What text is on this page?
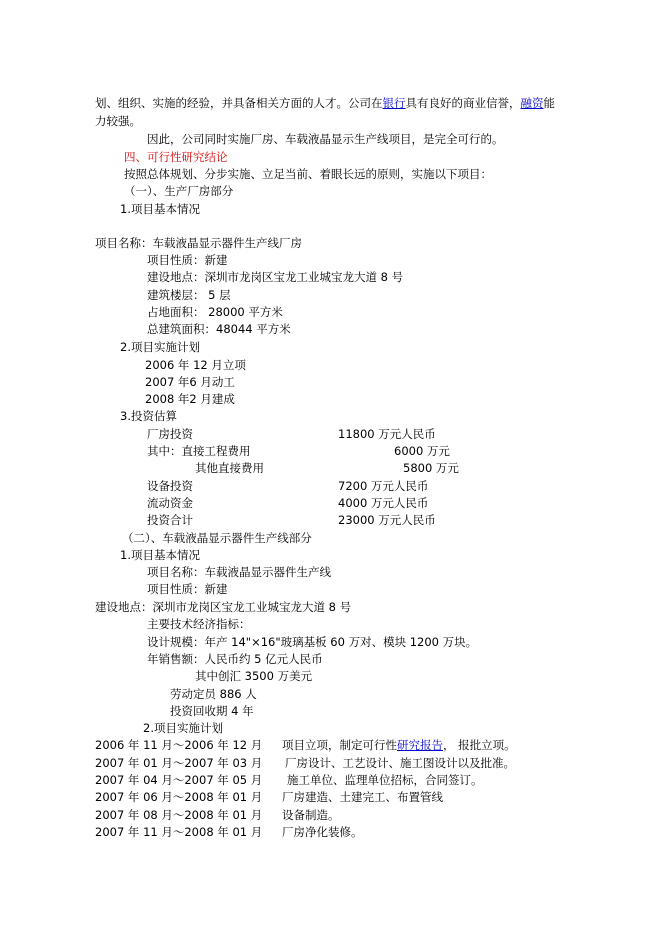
划、组织、实施的经验，并具备相关方面的人才。公司在银行具有良好的商业信誉，融资能
力较强。
因此，公司同时实施厂房、车载液晶显示生产线项目，是完全可行的。
四、可行性研究结论
按照总体规划、分步实施、立足当前、着眼长远的原则，实施以下项目：
（一）、生产厂房部分
1.项目基本情况
项目名称：车载液晶显示器件生产线厂房
项目性质：新建
建设地点：深圳市龙岗区宝龙工业城宝龙大道 8 号
建筑楼层： 5 层
占地面积： 28000 平方米
总建筑面积：48044 平方米
2.项目实施计划
2006 年 12 月立项
2007 年6 月动工
2008 年2 月建成
3.投资估算
厂房投资	11800 万元人民币
其中：直接工程费用	6000 万元
其他直接费用	5800 万元
设备投资	7200 万元人民币
流动资金	4000 万元人民币
投资合计	23000 万元人民币
（二）、车载液晶显示器件生产线部分
1.项目基本情况
项目名称：车载液晶显示器件生产线
项目性质：新建
建设地点：深圳市龙岗区宝龙工业城宝龙大道 8 号
主要技术经济指标：
设计规模：年产 14"×16"玻璃基板 60 万对、模块 1200 万块。
年销售额：人民币约 5 亿元人民币
其中创汇 3500 万美元
劳动定员 886 人
投资回收期 4 年
2.项目实施计划
2006 年 11 月～2006 年 12 月 项目立项，制定可行性研究报告， 报批立项。
2007 年 01 月～2007 年 03 月 厂房设计、工艺设计、施工图设计以及批准。
2007 年 04 月～2007 年 05 月 施工单位、监理单位招标，合同签订。
2007 年 06 月～2008 年 01 月 厂房建造、土建完工、布置管线
2007 年 08 月～2008 年 01 月 设备制造。
2007 年 11 月～2008 年 01 月 厂房净化装修。
